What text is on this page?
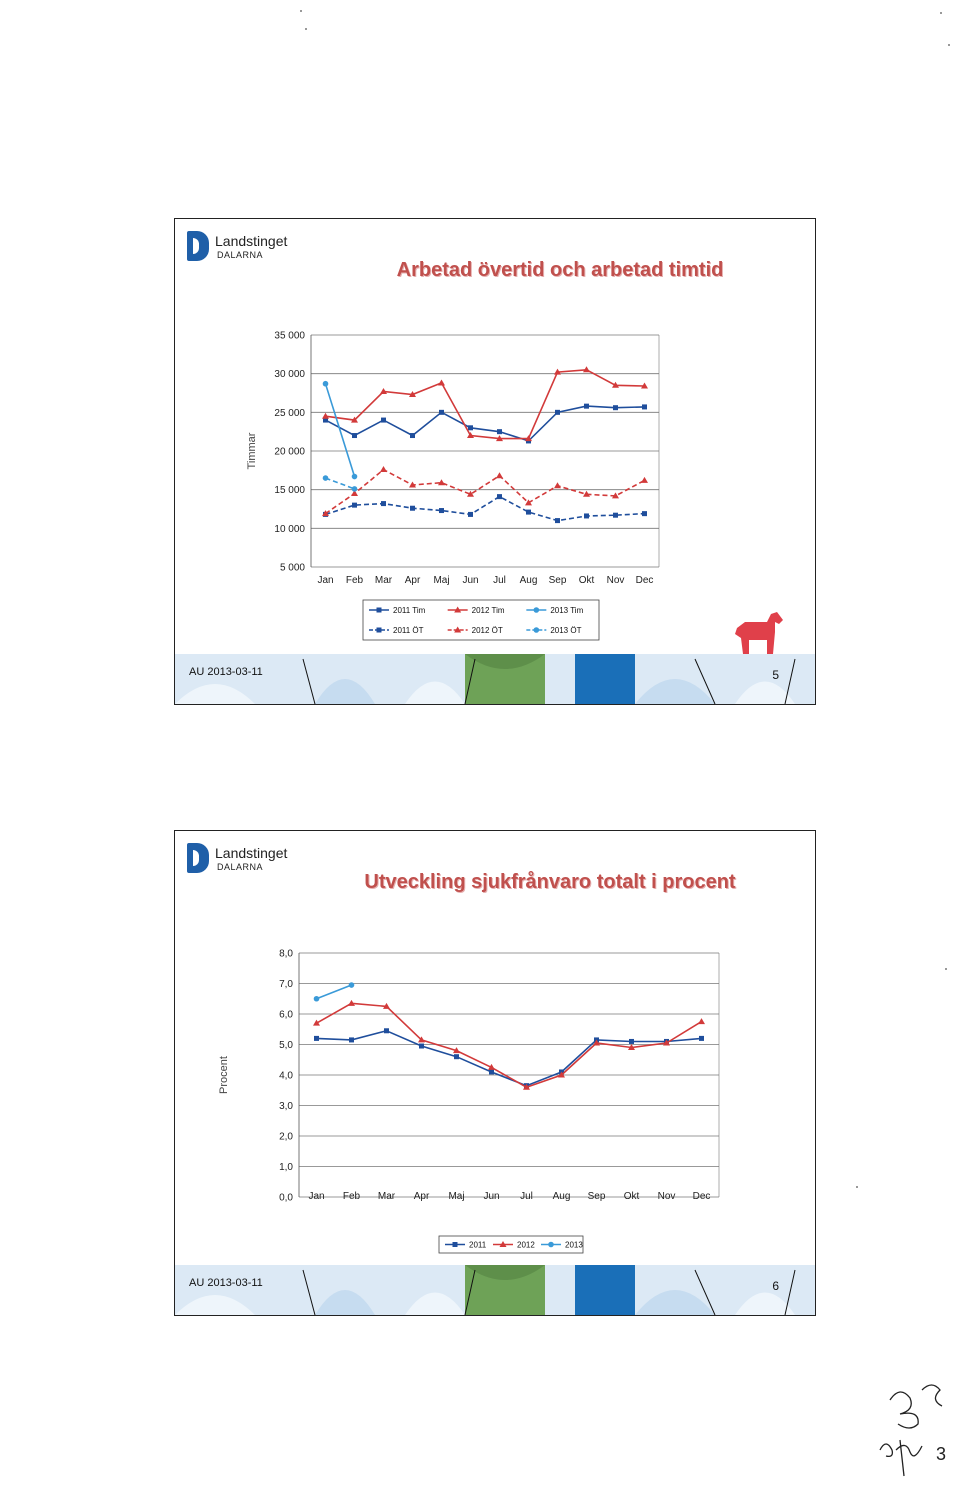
Landstinget
DALARNA
Arbetad övertid och arbetad timtid
5 000
10 000
15 000
20 000
25 000
30 000
35 000
Timmar
Jan Feb Mar Apr Maj Jun Jul Aug Sep Okt Nov Dec
2011 Tim	2012 Tim	2013 Tim
2011 ÖT	2012 ÖT	2013 ÖT
AU 2013-03-11	5
Landstinget
DALARNA
Utveckling sjukfrånvaro totalt i procent
0,0
1,0
2,0
3,0
4,0
5,0
6,0
7,0
8,0
Procent
Jan Feb Mar Apr Maj Jun Jul Aug Sep Okt Nov Dec
2011	2012	2013
AU 2013-03-11	6
3
